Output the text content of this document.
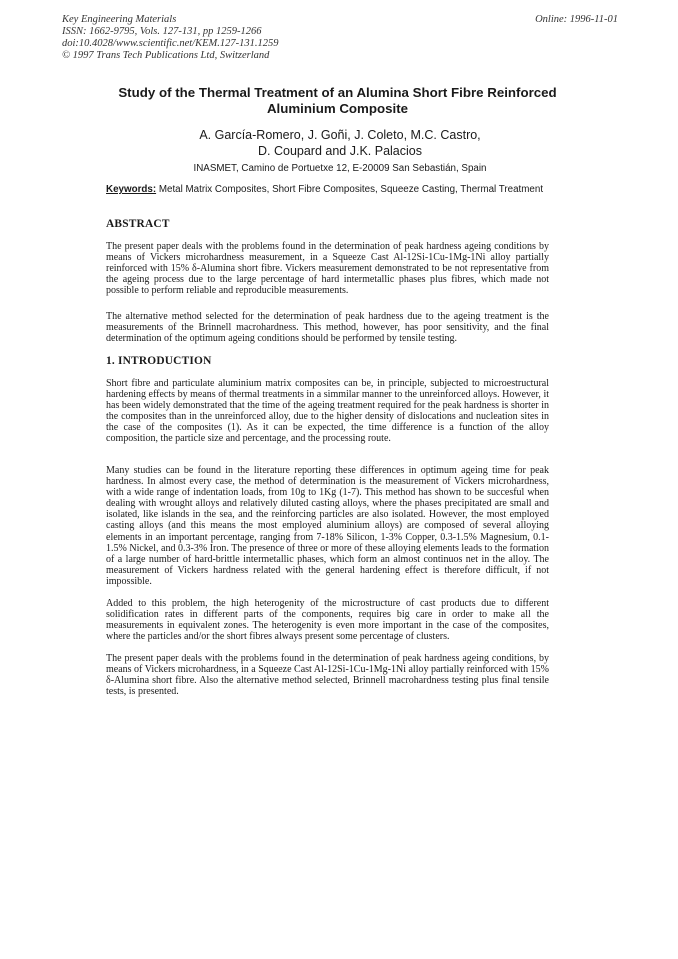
Key Engineering Materials
ISSN: 1662-9795, Vols. 127-131, pp 1259-1266
doi:10.4028/www.scientific.net/KEM.127-131.1259
© 1997 Trans Tech Publications Ltd, Switzerland
Online: 1996-11-01
Study of the Thermal Treatment of an Alumina Short Fibre Reinforced Aluminium Composite
A. García-Romero, J. Goñi, J. Coleto, M.C. Castro,
D. Coupard and J.K. Palacios
INASMET, Camino de Portuetxe 12, E-20009 San Sebastián, Spain
Keywords: Metal Matrix Composites, Short Fibre Composites, Squeeze Casting, Thermal Treatment
ABSTRACT

The present paper deals with the problems found in the determination of peak hardness ageing conditions by means of Vickers microhardness measurement, in a Squeeze Cast Al-12Si-1Cu-1Mg-1Ni alloy partially reinforced with 15% δ-Alumina short fibre. Vickers measurement demonstrated to be not representative from the ageing process due to the large percentage of hard intermetallic phases plus fibres, which made not possible to perform reliable and reproducible measurements.

The alternative method selected for the determination of peak hardness due to the ageing treatment is the measurements of the Brinnell macrohardness. This method, however, has poor sensitivity, and the final determination of the optimum ageing conditions should be performed by tensile testing.

1. INTRODUCTION

Short fibre and particulate aluminium matrix composites can be, in principle, subjected to microestructural hardening effects by means of thermal treatments in a simmilar manner to the unreinforced alloys. However, it has been widely demonstrated that the time of the ageing treatment required for the peak hardness is shorter in the composites than in the unreinforced alloy, due to the higher density of dislocations and nucleation sites in the case of the composites (1). As it can be expected, the time difference is a function of the alloy composition, the particle size and percentage, and the processing route.

Many studies can be found in the literature reporting these differences in optimum ageing time for peak hardness. In almost every case, the method of determination is the measurement of Vickers microhardness, with a wide range of indentation loads, from 10g to 1Kg (1-7). This method has shown to be succesful when dealing with wrought alloys and relatively diluted casting alloys, where the phases precipitated are small and isolated, like islands in the sea, and the reinforcing particles are also isolated. However, the most employed casting alloys (and this means the most employed aluminium alloys) are composed of several alloying elements in an important percentage, ranging from 7-18% Silicon, 1-3% Copper, 0.3-1.5% Magnesium, 0.1-1.5% Nickel, and 0.3-3% Iron. The presence of three or more of these alloying elements leads to the formation of a large number of hard-brittle intermetallic phases, which form an almost continuos net in the alloy. The measurement of Vickers hardness related with the general hardening effect is therefore difficult, if not impossible.

Added to this problem, the high heterogenity of the microstructure of cast products due to different solidification rates in different parts of the components, requires big care in order to make all the measurements in equivalent zones. The heterogenity is even more important in the case of the composites, where the particles and/or the short fibres always present some percentage of clusters.

The present paper deals with the problems found in the determination of peak hardness ageing conditions, by means of Vickers microhardness, in a Squeeze Cast Al-12Si-1Cu-1Mg-1Ni alloy partially reinforced with 15% δ-Alumina short fibre. Also the alternative method selected, Brinnell macrohardness testing plus final tensile tests, is presented.
